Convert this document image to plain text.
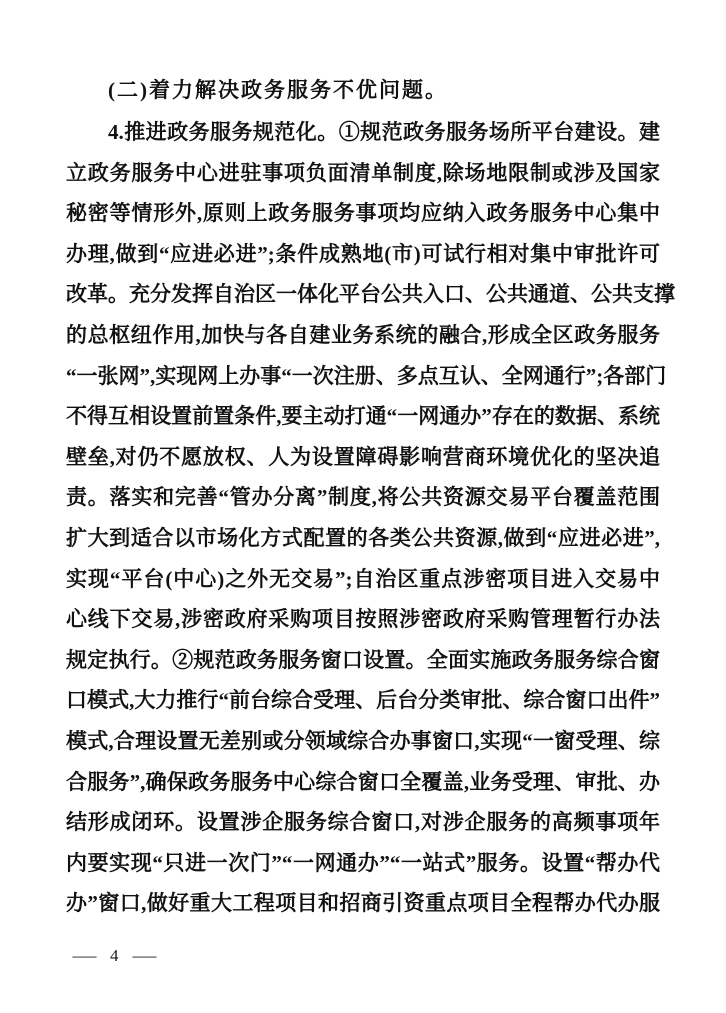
(二)着力解决政务服务不优问题。
4.推进政务服务规范化。①规范政务服务场所平台建设。建
立政务服务中心进驻事项负面清单制度,除场地限制或涉及国家
秘密等情形外,原则上政务服务事项均应纳入政务服务中心集中
办理,做到“应进必进”;条件成熟地(市)可试行相对集中审批许可
改革。充分发挥自治区一体化平台公共入口、公共通道、公共支撑
的总枢纽作用,加快与各自建业务系统的融合,形成全区政务服务
“一张网”,实现网上办事“一次注册、多点互认、全网通行”;各部门
不得互相设置前置条件,要主动打通“一网通办”存在的数据、系统
壁垒,对仍不愿放权、人为设置障碍影响营商环境优化的坚决追
责。落实和完善“管办分离”制度,将公共资源交易平台覆盖范围
扩大到适合以市场化方式配置的各类公共资源,做到“应进必进”,
实现“平台(中心)之外无交易”;自治区重点涉密项目进入交易中
心线下交易,涉密政府采购项目按照涉密政府采购管理暂行办法
规定执行。②规范政务服务窗口设置。全面实施政务服务综合窗
口模式,大力推行“前台综合受理、后台分类审批、综合窗口出件”
模式,合理设置无差别或分领域综合办事窗口,实现“一窗受理、综
合服务”,确保政务服务中心综合窗口全覆盖,业务受理、审批、办
结形成闭环。设置涉企服务综合窗口,对涉企服务的高频事项年
内要实现“只进一次门”“一网通办”“一站式”服务。设置“帮办代
办”窗口,做好重大工程项目和招商引资重点项目全程帮办代办服
— 4 —
